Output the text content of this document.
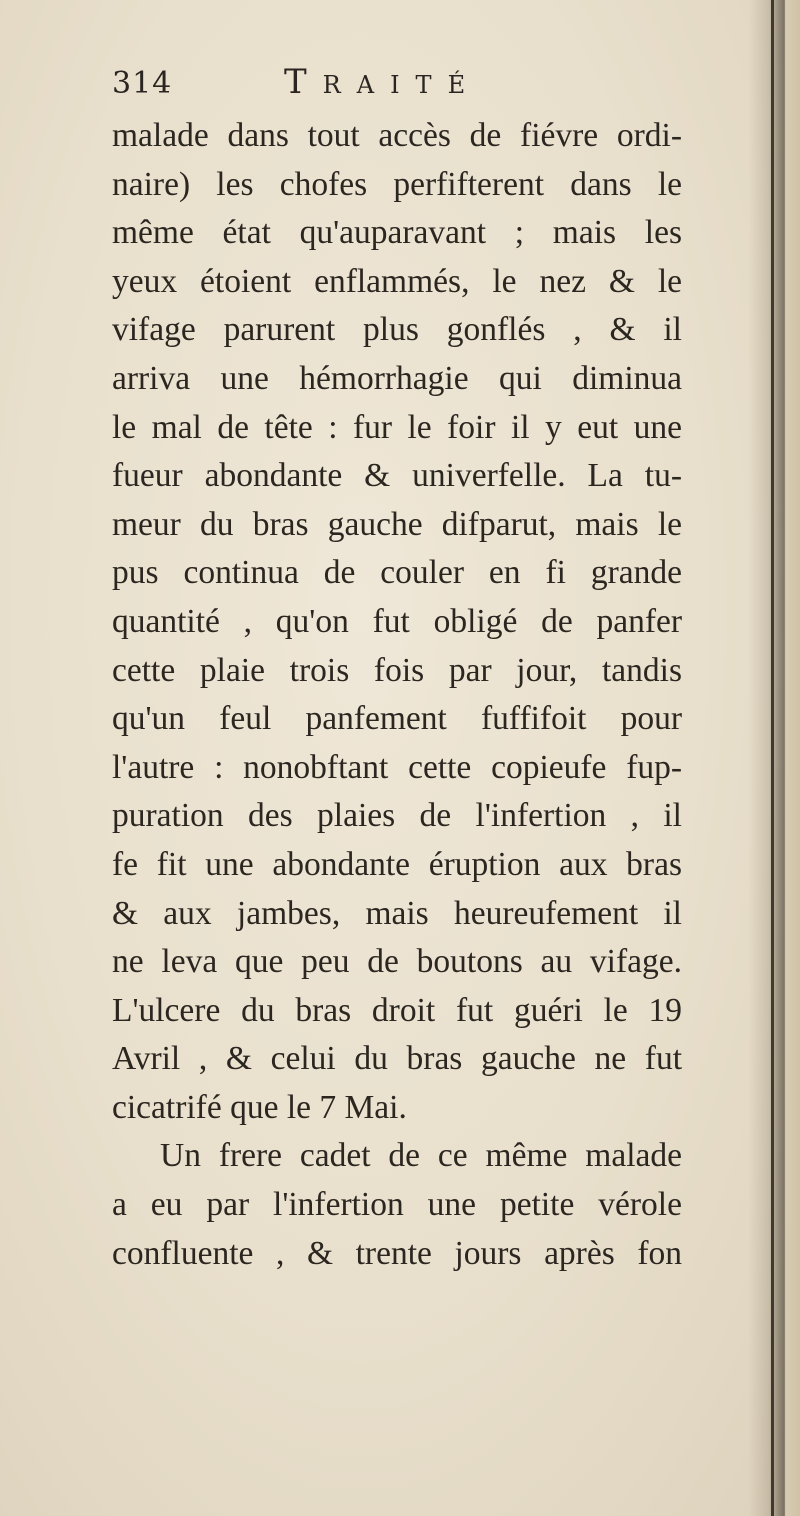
314	Traité
malade dans tout accès de fiévre ordi-
naire) les chofes perfifterent dans le
même état qu'auparavant ; mais les
yeux étoient enflammés, le nez & le
vifage parurent plus gonflés , & il
arriva une hémorrhagie qui diminua
le mal de tête : fur le foir il y eut une
fueur abondante & univerfelle. La tu-
meur du bras gauche difparut, mais le
pus continua de couler en fi grande
quantité , qu'on fut obligé de panfer
cette plaie trois fois par jour, tandis
qu'un feul panfement fuffifoit pour
l'autre : nonobftant cette copieufe fup-
puration des plaies de l'infertion , il
fe fit une abondante éruption aux bras
& aux jambes, mais heureufement il
ne leva que peu de boutons au vifage.
L'ulcere du bras droit fut guéri le 19
Avril , & celui du bras gauche ne fut
cicatrifé que le 7 Mai.
Un frere cadet de ce même malade
a eu par l'infertion une petite vérole
confluente , & trente jours après fon
